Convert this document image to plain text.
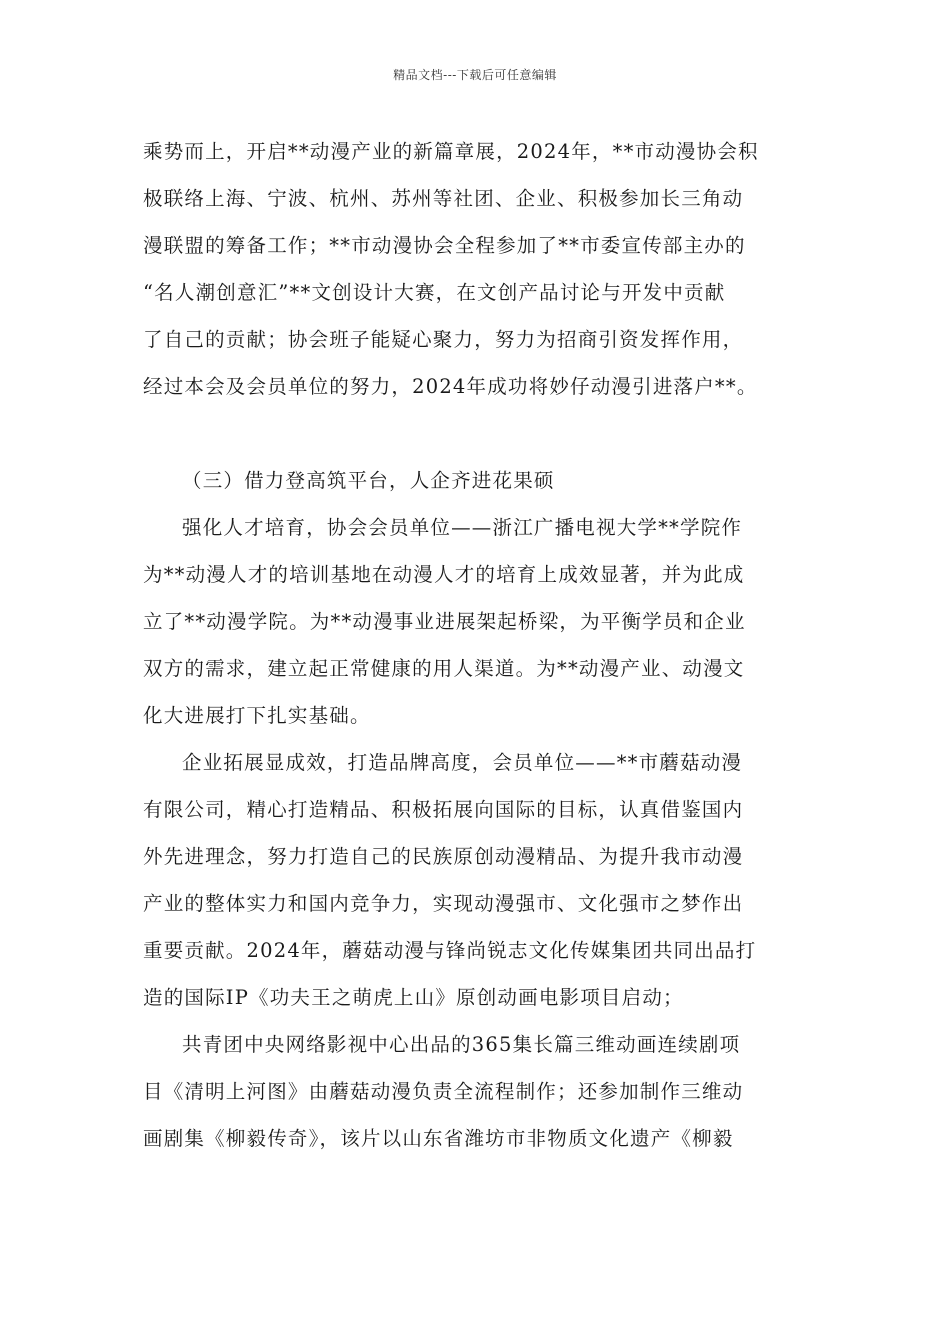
精品文档---下载后可任意编辑

乘势而上，开启**动漫产业的新篇章展，2024年，**市动漫协会积
极联络上海、宁波、杭州、苏州等社团、企业、积极参加长三角动
漫联盟的筹备工作；**市动漫协会全程参加了**市委宣传部主办的
“名人潮创意汇”**文创设计大赛，在文创产品讨论与开发中贡献
了自己的贡献；协会班子能疑心聚力，努力为招商引资发挥作用，
经过本会及会员单位的努力，2024年成功将妙仔动漫引进落户**。

（三）借力登高筑平台，人企齐进花果硕

强化人才培育，协会会员单位——浙江广播电视大学**学院作
为**动漫人才的培训基地在动漫人才的培育上成效显著，并为此成
立了**动漫学院。为**动漫事业进展架起桥梁，为平衡学员和企业
双方的需求，建立起正常健康的用人渠道。为**动漫产业、动漫文
化大进展打下扎实基础。

企业拓展显成效，打造品牌高度，会员单位——**市蘑菇动漫
有限公司，精心打造精品、积极拓展向国际的目标，认真借鉴国内
外先进理念，努力打造自己的民族原创动漫精品、为提升我市动漫
产业的整体实力和国内竞争力，实现动漫强市、文化强市之梦作出
重要贡献。2024年，蘑菇动漫与锋尚锐志文化传媒集团共同出品打
造的国际IP《功夫王之萌虎上山》原创动画电影项目启动；

共青团中央网络影视中心出品的365集长篇三维动画连续剧项
目《清明上河图》由蘑菇动漫负责全流程制作；还参加制作三维动
画剧集《柳毅传奇》，该片以山东省潍坊市非物质文化遗产《柳毅
